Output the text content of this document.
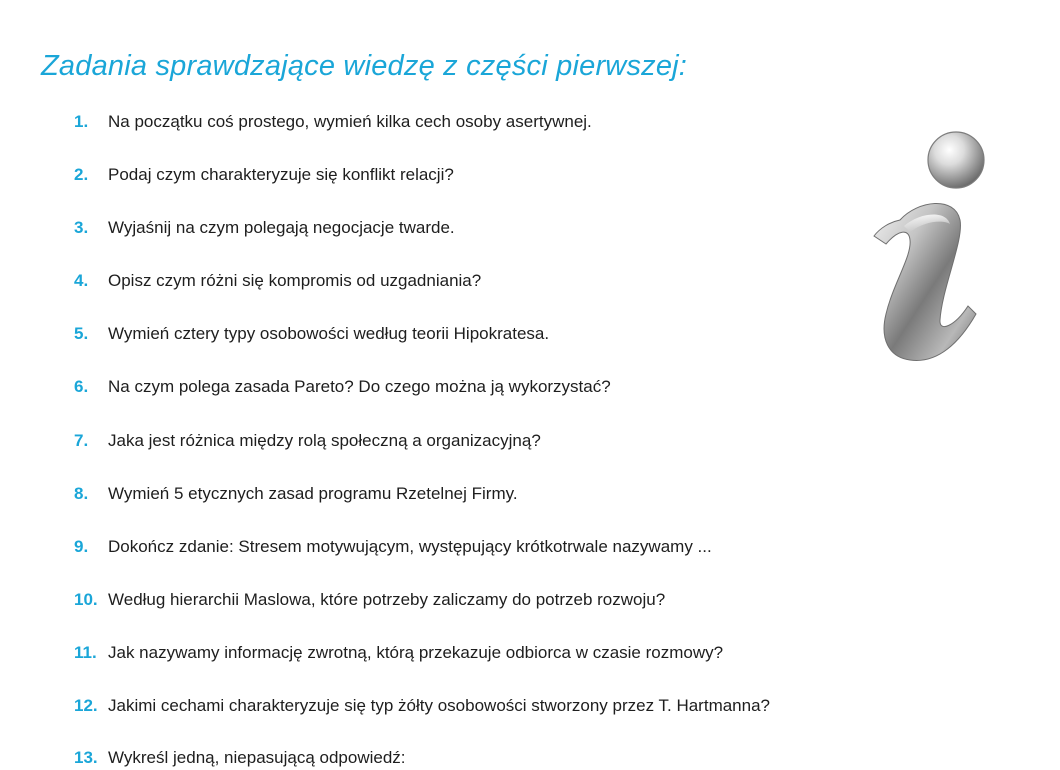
Zadania sprawdzające wiedzę z części pierwszej:
1. Na początku coś prostego, wymień kilka cech osoby asertywnej.
2. Podaj czym charakteryzuje się konflikt relacji?
3. Wyjaśnij na czym polegają negocjacje twarde.
4. Opisz czym różni się kompromis od uzgadniania?
5. Wymień cztery typy osobowości według teorii Hipokratesa.
6. Na czym polega zasada Pareto? Do czego można ją wykorzystać?
7. Jaka jest różnica między rolą społeczną a organizacyjną?
8. Wymień 5 etycznych zasad programu Rzetelnej Firmy.
9. Dokończ zdanie: Stresem motywującym, występujący krótkotrwale nazywamy ...
10. Według hierarchii Maslowa, które potrzeby zaliczamy do potrzeb rozwoju?
11. Jak nazywamy informację zwrotną, którą przekazuje odbiorca w czasie rozmowy?
12. Jakimi cechami charakteryzuje się typ żółty osobowości stworzony przez T. Hartmanna?
13. Wykreśl jedną, niepasującą odpowiedź:
